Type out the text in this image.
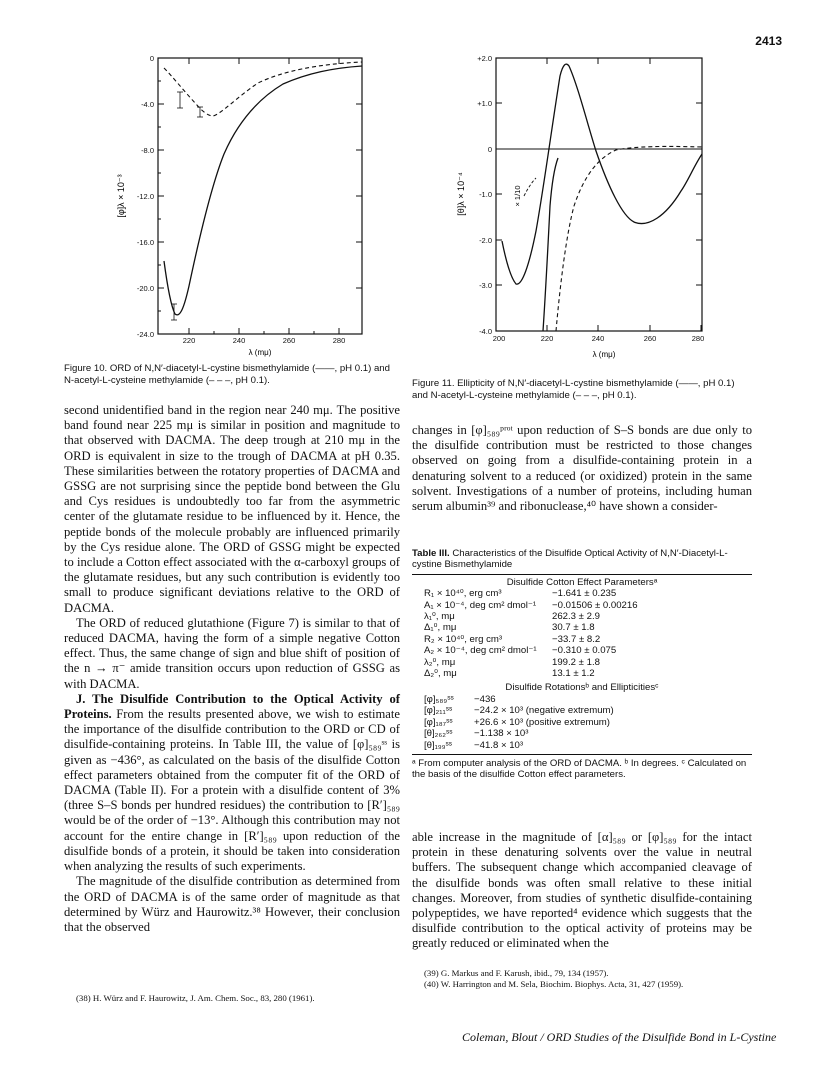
2413
0
-4.0
-8.0
-12.0
-16.0
-20.0
-24.0
220	240	260	280
[φ]λ × 10⁻³
λ (mμ)
Figure 10. ORD of N,N′-diacetyl-L-cystine bismethylamide (——, pH 0.1) and N-acetyl-L-cysteine methylamide (– – –, pH 0.1).
+2.0
+1.0
0
-1.0
-2.0
-3.0
-4.0
200	220	240	260	280
[θ]λ × 10⁻⁴	× 1/10
λ (mμ)
Figure 11. Ellipticity of N,N′-diacetyl-L-cystine bismethylamide (——, pH 0.1) and N-acetyl-L-cysteine methylamide (– – –, pH 0.1).

second unidentified band in the region near 240 mμ. The positive band found near 225 mμ is similar in position and magnitude to that observed with DACMA. The deep trough at 210 mμ in the ORD is equivalent in size to the trough of DACMA at pH 0.35. These similarities between the rotatory properties of DACMA and GSSG are not surprising since the peptide bond between the Glu and Cys residues is undoubtedly too far from the asymmetric center of the glutamate residue to be influenced by it. Hence, the peptide bonds of the molecule probably are influenced primarily by the Cys residue alone. The ORD of GSSG might be expected to include a Cotton effect associated with the α-carboxyl groups of the glutamate residues, but any such contribution is evidently too small to produce significant deviations relative to the ORD of DACMA.

The ORD of reduced glutathione (Figure 7) is similar to that of reduced DACMA, having the form of a simple negative Cotton effect. Thus, the same change of sign and blue shift of position of the n → π⁻ amide transition occurs upon reduction of GSSG as with DACMA.

J. The Disulfide Contribution to the Optical Activity of Proteins. From the results presented above, we wish to estimate the importance of the disulfide contribution to the ORD or CD of disulfide-containing proteins. In Table III, the value of [φ]₅₈₉ˢˢ is given as −436°, as calculated on the basis of the disulfide Cotton effect parameters obtained from the computer fit of the ORD of DACMA (Table II). For a protein with a disulfide content of 3% (three S–S bonds per hundred residues) the contribution to [R′]₅₈₉ would be of the order of −13°. Although this contribution may not account for the entire change in [R′]₅₈₉ upon reduction of the disulfide bonds of a protein, it should be taken into consideration when analyzing the results of such experiments.

The magnitude of the disulfide contribution as determined from the ORD of DACMA is of the same order of magnitude as that determined by Würz and Haurowitz.³⁸ However, their conclusion that the observed

(38) H. Würz and F. Haurowitz, J. Am. Chem. Soc., 83, 280 (1961).
changes in [φ]₅₈₉ᵖʳᵒᵗ upon reduction of S–S bonds are due only to the disulfide contribution must be restricted to those changes observed on going from a disulfide-containing protein in a denaturing solvent to a reduced (or oxidized) protein in the same solvent. Investigations of a number of proteins, including human serum albumin³⁹ and ribonuclease,⁴⁰ have shown a consider-
Table III. Characteristics of the Disulfide Optical Activity of N,N′-Diacetyl-L-cystine Bismethylamide
Disulfide Cotton Effect Parametersᵃ
R₁ × 10⁴⁰, erg cm³	−1.641 ± 0.235
A₁ × 10⁻⁴, deg cm² dmol⁻¹	−0.01506 ± 0.00216
λ₁⁰, mμ	262.3 ± 2.9
Δ₁⁰, mμ	30.7 ± 1.8
R₂ × 10⁴⁰, erg cm³	−33.7 ± 8.2
A₂ × 10⁻⁴, deg cm² dmol⁻¹	−0.310 ± 0.075
λ₂⁰, mμ	199.2 ± 1.8
Δ₂⁰, mμ	13.1 ± 1.2
Disulfide Rotationsᵇ and Ellipticitiesᶜ
[φ]₅₈₉ˢˢ	−436
[φ]₂₁₁ˢˢ	−24.2 × 10³ (negative extremum)
[φ]₁₈₇ˢˢ	+26.6 × 10³ (positive extremum)
[θ]₂₆₂ˢˢ	−1.138 × 10³
[θ]₁₉₉ˢˢ	−41.8 × 10³
ᵃ From computer analysis of the ORD of DACMA. ᵇ In degrees. ᶜ Calculated on the basis of the disulfide Cotton effect parameters.
able increase in the magnitude of [α]₅₈₉ or [φ]₅₈₉ for the intact protein in these denaturing solvents over the value in neutral buffers. The subsequent change which accompanied cleavage of the disulfide bonds was often small relative to these initial changes. Moreover, from studies of synthetic disulfide-containing polypeptides, we have reported⁴ evidence which suggests that the disulfide contribution to the optical activity of proteins may be greatly reduced or eliminated when the
(39) G. Markus and F. Karush, ibid., 79, 134 (1957).
(40) W. Harrington and M. Sela, Biochim. Biophys. Acta, 31, 427 (1959).
Coleman, Blout / ORD Studies of the Disulfide Bond in L-Cystine
